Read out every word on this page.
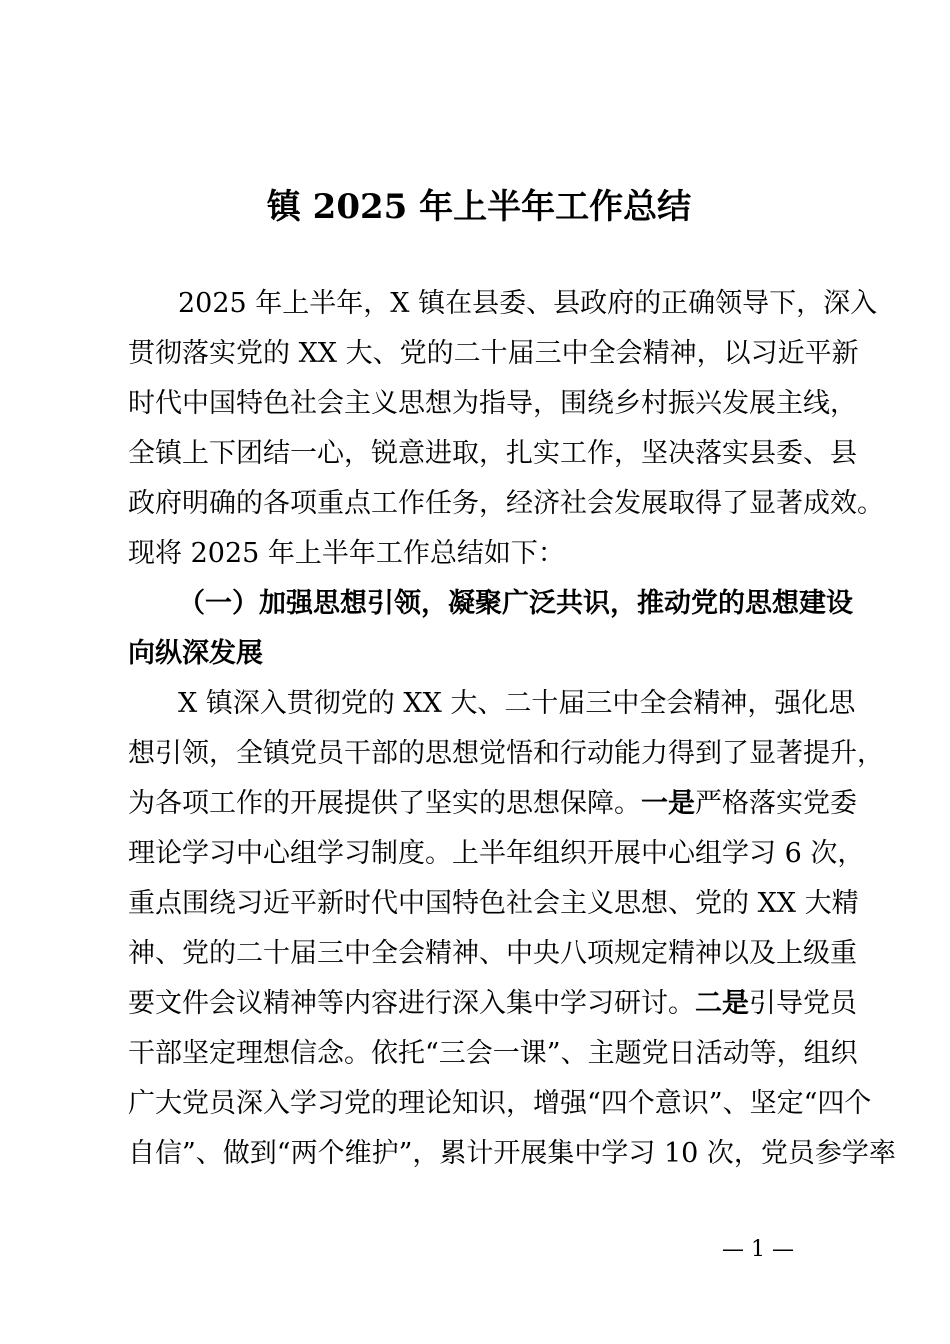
镇 2025 年上半年工作总结
2025 年上半年，X 镇在县委、县政府的正确领导下，深入
贯彻落实党的 XX 大、党的二十届三中全会精神，以习近平新
时代中国特色社会主义思想为指导，围绕乡村振兴发展主线，
全镇上下团结一心，锐意进取，扎实工作，坚决落实县委、县
政府明确的各项重点工作任务，经济社会发展取得了显著成效。
现将 2025 年上半年工作总结如下：
（一）加强思想引领，凝聚广泛共识，推动党的思想建设
向纵深发展
X 镇深入贯彻党的 XX 大、二十届三中全会精神，强化思
想引领，全镇党员干部的思想觉悟和行动能力得到了显著提升，
为各项工作的开展提供了坚实的思想保障。一是严格落实党委
理论学习中心组学习制度。上半年组织开展中心组学习 6 次，
重点围绕习近平新时代中国特色社会主义思想、党的 XX 大精
神、党的二十届三中全会精神、中央八项规定精神以及上级重
要文件会议精神等内容进行深入集中学习研讨。二是引导党员
干部坚定理想信念。依托“三会一课”、主题党日活动等，组织
广大党员深入学习党的理论知识，增强“四个意识”、坚定“四个
自信”、做到“两个维护”，累计开展集中学习 10 次，党员参学率
— 1 —
